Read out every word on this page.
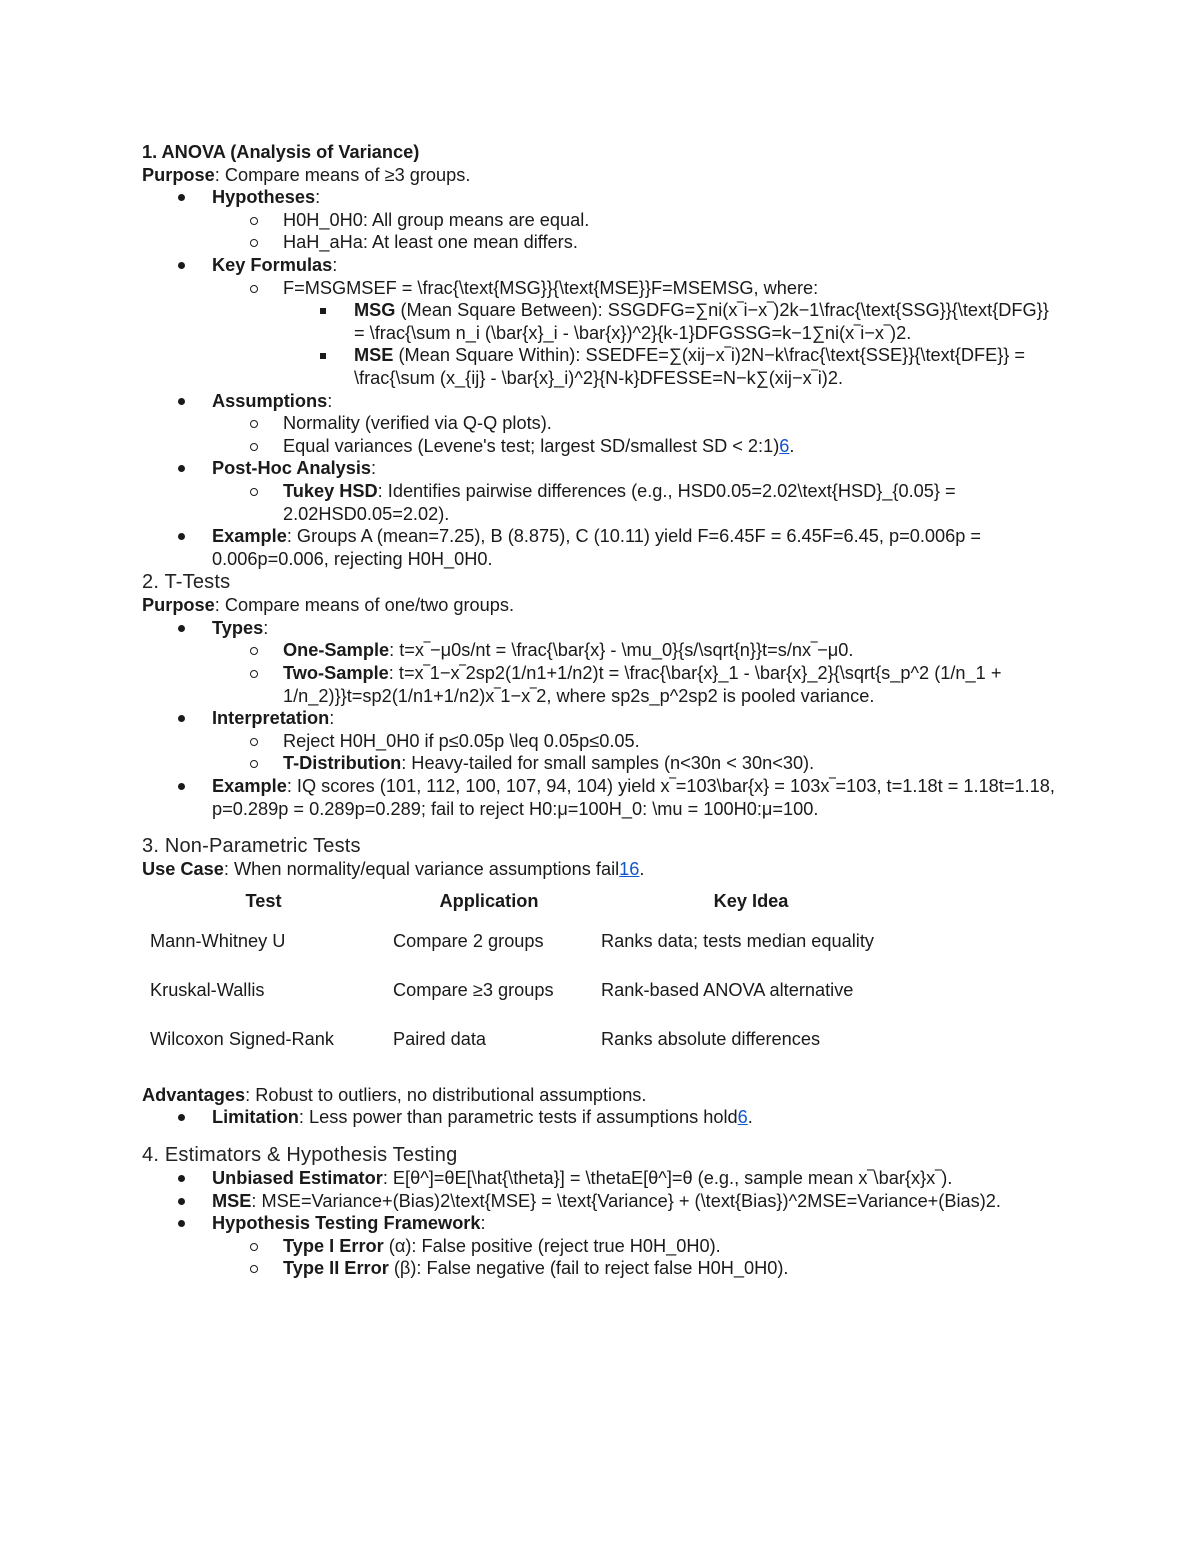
1. ANOVA (Analysis of Variance)
Purpose: Compare means of ≥3 groups.
Hypotheses:
H0H_0H0: All group means are equal.
HaH_aHa: At least one mean differs.
Key Formulas:
F=MSGMSEF = \frac{\text{MSG}}{\text{MSE}}F=MSEMSG, where:
MSG (Mean Square Between): SSGDFG=∑ni(x‾i−x‾)2k−1\frac{\text{SSG}}{\text{DFG}} = \frac{\sum n_i (\bar{x}_i - \bar{x})^2}{k-1}DFGSSG=k−1∑ni(x‾i−x‾)2.
MSE (Mean Square Within): SSEDFE=∑(xij−x‾i)2N−k\frac{\text{SSE}}{\text{DFE}} = \frac{\sum (x_{ij} - \bar{x}_i)^2}{N-k}DFESSE=N−k∑(xij−x‾i)2.
Assumptions:
Normality (verified via Q-Q plots).
Equal variances (Levene's test; largest SD/smallest SD < 2:1)6.
Post-Hoc Analysis:
Tukey HSD: Identifies pairwise differences (e.g., HSD0.05=2.02\text{HSD}_{0.05} = 2.02HSD0.05=2.02).
Example: Groups A (mean=7.25), B (8.875), C (10.11) yield F=6.45F = 6.45F=6.45, p=0.006p = 0.006p=0.006, rejecting H0H_0H0.
2. T-Tests
Purpose: Compare means of one/two groups.
Types:
One-Sample: t=x‾−μ0s/nt = \frac{\bar{x} - \mu_0}{s/\sqrt{n}}t=s/nx‾−μ0.
Two-Sample: t=x‾1−x‾2sp2(1/n1+1/n2)t = \frac{\bar{x}_1 - \bar{x}_2}{\sqrt{s_p^2 (1/n_1 + 1/n_2)}}t=sp2(1/n1+1/n2)x‾1−x‾2, where sp2s_p^2sp2 is pooled variance.
Interpretation:
Reject H0H_0H0 if p≤0.05p \leq 0.05p≤0.05.
T-Distribution: Heavy-tailed for small samples (n<30n < 30n<30).
Example: IQ scores (101, 112, 100, 107, 94, 104) yield x‾=103\bar{x} = 103x‾=103, t=1.18t = 1.18t=1.18, p=0.289p = 0.289p=0.289; fail to reject H0:μ=100H_0: \mu = 100H0:μ=100.
3. Non-Parametric Tests
Use Case: When normality/equal variance assumptions fail16.
Test	Application	Key Idea
Mann-Whitney U	Compare 2 groups	Ranks data; tests median equality
Kruskal-Wallis	Compare ≥3 groups	Rank-based ANOVA alternative
Wilcoxon Signed-Rank	Paired data	Ranks absolute differences
Advantages: Robust to outliers, no distributional assumptions.
Limitation: Less power than parametric tests if assumptions hold6.
4. Estimators & Hypothesis Testing
Unbiased Estimator: E[θ^]=θE[\hat{\theta}] = \thetaE[θ^]=θ (e.g., sample mean x‾\bar{x}x‾).
MSE: MSE=Variance+(Bias)2\text{MSE} = \text{Variance} + (\text{Bias})^2MSE=Variance+(Bias)2.
Hypothesis Testing Framework:
Type I Error (α): False positive (reject true H0H_0H0).
Type II Error (β): False negative (fail to reject false H0H_0H0).
